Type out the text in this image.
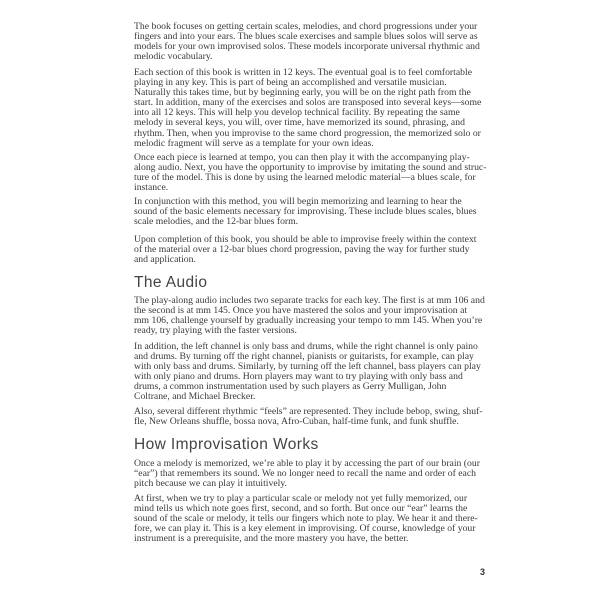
The book focuses on getting certain scales, melodies, and chord progressions under your
fingers and into your ears. The blues scale exercises and sample blues solos will serve as
models for your own improvised solos. These models incorporate universal rhythmic and
melodic vocabulary.
Each section of this book is written in 12 keys. The eventual goal is to feel comfortable
playing in any key. This is part of being an accomplished and versatile musician.
Naturally this takes time, but by beginning early, you will be on the right path from the
start. In addition, many of the exercises and solos are transposed into several keys—some
into all 12 keys. This will help you develop technical facility. By repeating the same
melody in several keys, you will, over time, have memorized its sound, phrasing, and
rhythm. Then, when you improvise to the same chord progression, the memorized solo or
melodic fragment will serve as a template for your own ideas.
Once each piece is learned at tempo, you can then play it with the accompanying play-
along audio. Next, you have the opportunity to improvise by imitating the sound and struc-
ture of the model. This is done by using the learned melodic material—a blues scale, for
instance.
In conjunction with this method, you will begin memorizing and learning to hear the
sound of the basic elements necessary for improvising. These include blues scales, blues
scale melodies, and the 12-bar blues form.
Upon completion of this book, you should be able to improvise freely within the context
of the material over a 12-bar blues chord progression, paving the way for further study
and application.
The Audio
The play-along audio includes two separate tracks for each key. The first is at mm 106 and
the second is at mm 145. Once you have mastered the solos and your improvisation at
mm 106, challenge yourself by gradually increasing your tempo to mm 145. When you’re
ready, try playing with the faster versions.
In addition, the left channel is only bass and drums, while the right channel is only paino
and drums. By turning off the right channel, pianists or guitarists, for example, can play
with only bass and drums. Similarly, by turning off the left channel, bass players can play
with only piano and drums. Horn players may want to try playing with only bass and
drums, a common instrumentation used by such players as Gerry Mulligan, John
Coltrane, and Michael Brecker.
Also, several different rhythmic “feels” are represented. They include bebop, swing, shuf-
fle, New Orleans shuffle, bossa nova, Afro-Cuban, half-time funk, and funk shuffle.
How Improvisation Works
Once a melody is memorized, we’re able to play it by accessing the part of our brain (our
“ear”) that remembers its sound. We no longer need to recall the name and order of each
pitch because we can play it intuitively.
At first, when we try to play a particular scale or melody not yet fully memorized, our
mind tells us which note goes first, second, and so forth. But once our “ear” learns the
sound of the scale or melody, it tells our fingers which note to play. We hear it and there-
fore, we can play it. This is a key element in improvising. Of course, knowledge of your
instrument is a prerequisite, and the more mastery you have, the better.
3
